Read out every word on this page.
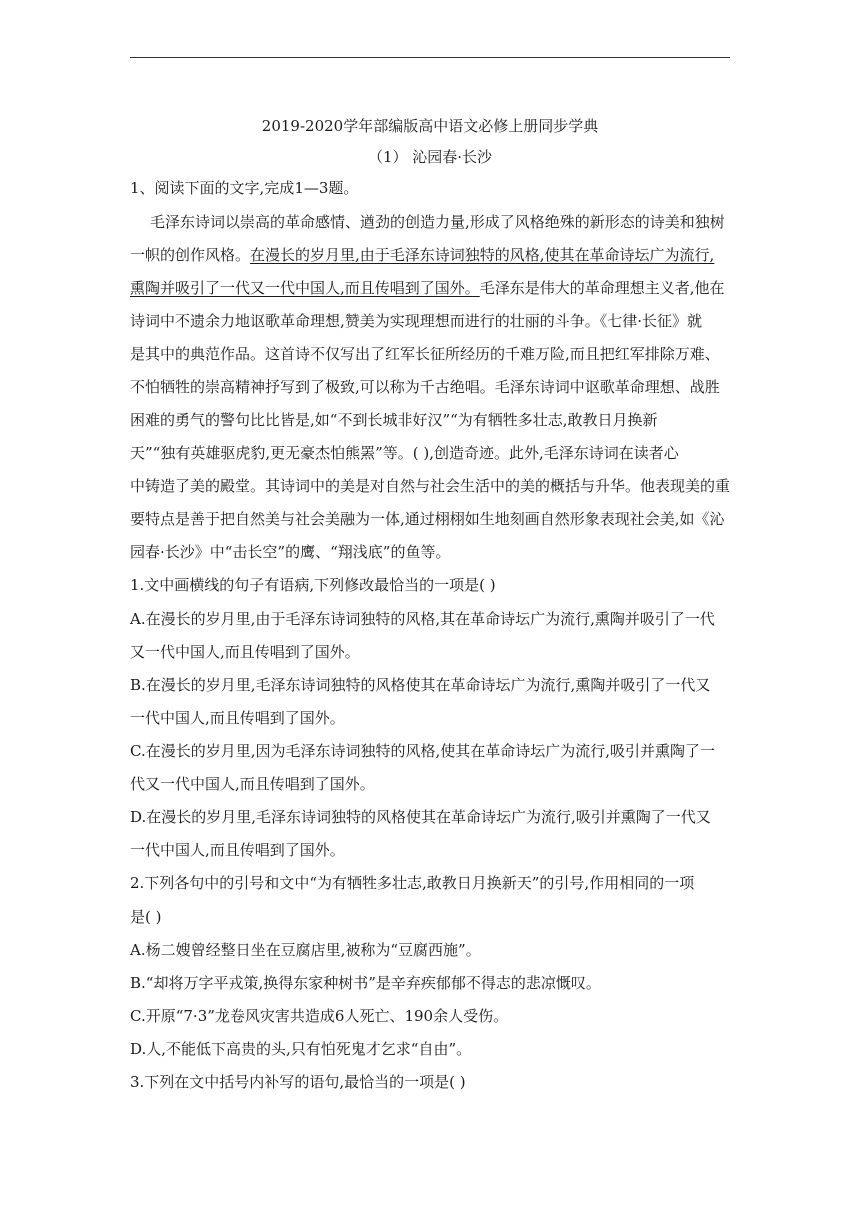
2019-2020学年部编版高中语文必修上册同步学典
（1） 沁园春·长沙
1、阅读下面的文字,完成1—3题。
毛泽东诗词以崇高的革命感情、遒劲的创造力量,形成了风格绝殊的新形态的诗美和独树
一帜的创作风格。在漫长的岁月里,由于毛泽东诗词独特的风格,使其在革命诗坛广为流行,
熏陶并吸引了一代又一代中国人,而且传唱到了国外。毛泽东是伟大的革命理想主义者,他在
诗词中不遗余力地讴歌革命理想,赞美为实现理想而进行的壮丽的斗争。《七律·长征》就
是其中的典范作品。这首诗不仅写出了红军长征所经历的千难万险,而且把红军排除万难、
不怕牺牲的崇高精神抒写到了极致,可以称为千古绝唱。毛泽东诗词中讴歌革命理想、战胜
困难的勇气的警句比比皆是,如“不到长城非好汉”“为有牺牲多壮志,敢教日月换新
天”“独有英雄驱虎豹,更无豪杰怕熊罴”等。( ),创造奇迹。此外,毛泽东诗词在读者心
中铸造了美的殿堂。其诗词中的美是对自然与社会生活中的美的概括与升华。他表现美的重
要特点是善于把自然美与社会美融为一体,通过栩栩如生地刻画自然形象表现社会美,如《沁
园春·长沙》中“击长空”的鹰、“翔浅底”的鱼等。
1.文中画横线的句子有语病,下列修改最恰当的一项是( )
A.在漫长的岁月里,由于毛泽东诗词独特的风格,其在革命诗坛广为流行,熏陶并吸引了一代
又一代中国人,而且传唱到了国外。
B.在漫长的岁月里,毛泽东诗词独特的风格使其在革命诗坛广为流行,熏陶并吸引了一代又
一代中国人,而且传唱到了国外。
C.在漫长的岁月里,因为毛泽东诗词独特的风格,使其在革命诗坛广为流行,吸引并熏陶了一
代又一代中国人,而且传唱到了国外。
D.在漫长的岁月里,毛泽东诗词独特的风格使其在革命诗坛广为流行,吸引并熏陶了一代又
一代中国人,而且传唱到了国外。
2.下列各句中的引号和文中“为有牺牲多壮志,敢教日月换新天”的引号,作用相同的一项
是( )
A.杨二嫂曾经整日坐在豆腐店里,被称为“豆腐西施”。
B.“却将万字平戎策,换得东家种树书”是辛弃疾郁郁不得志的悲凉慨叹。
C.开原“7·3”龙卷风灾害共造成6人死亡、190余人受伤。
D.人,不能低下高贵的头,只有怕死鬼才乞求“自由”。
3.下列在文中括号内补写的语句,最恰当的一项是( )
